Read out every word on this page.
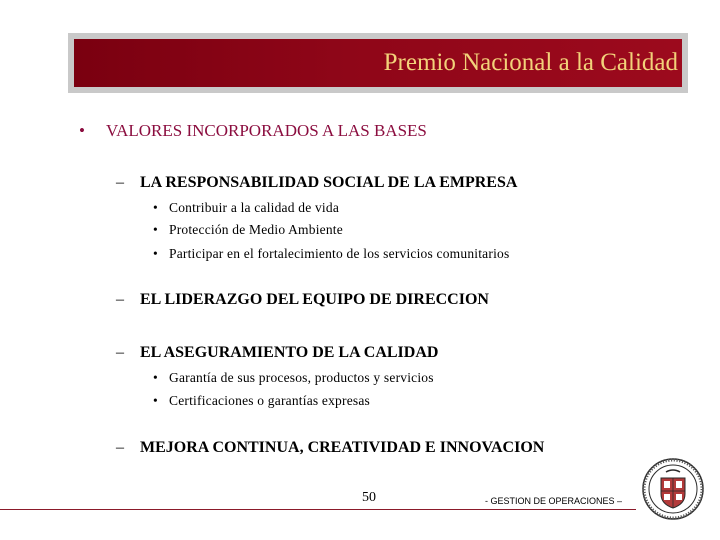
Premio Nacional a la Calidad
• VALORES INCORPORADOS A LAS BASES
– LA RESPONSABILIDAD SOCIAL DE LA EMPRESA
• Contribuir a la calidad de vida
• Protección de Medio Ambiente
• Participar en el fortalecimiento de los servicios comunitarios
– EL LIDERAZGO DEL EQUIPO DE DIRECCION
– EL ASEGURAMIENTO DE LA CALIDAD
• Garantía de sus procesos, productos y servicios
• Certificaciones o garantías expresas
– MEJORA CONTINUA, CREATIVIDAD E INNOVACION
50	- GESTION DE OPERACIONES –
